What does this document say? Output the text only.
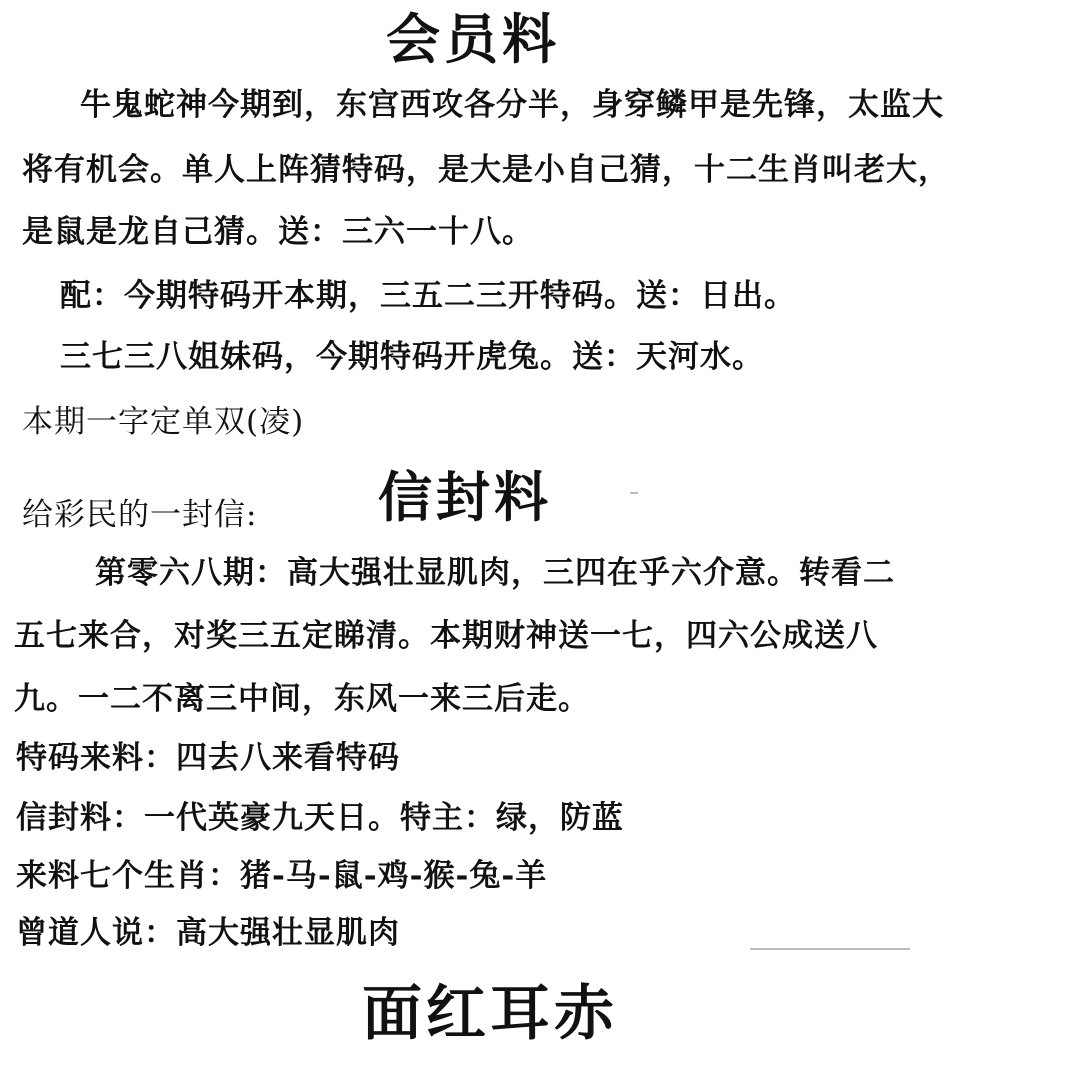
会员料
牛鬼蛇神今期到，东宫西攻各分半，身穿鳞甲是先锋，太监大
将有机会。单人上阵猜特码，是大是小自己猜，十二生肖叫老大，
是鼠是龙自己猜。送：三六一十八。
配：今期特码开本期，三五二三开特码。送：日出。
三七三八姐妹码，今期特码开虎兔。送：天河水。
本期一字定单双(凌)
给彩民的一封信: 信封料
第零六八期：高大强壮显肌肉，三四在乎六介意。转看二
五七来合，对奖三五定睇清。本期财神送一七，四六公成送八
九。一二不离三中间，东风一来三后走。
特码来料：四去八来看特码
信封料：一代英豪九天日。特主：绿，防蓝
来料七个生肖：猪-马-鼠-鸡-猴-兔-羊
曾道人说：高大强壮显肌肉
面红耳赤
